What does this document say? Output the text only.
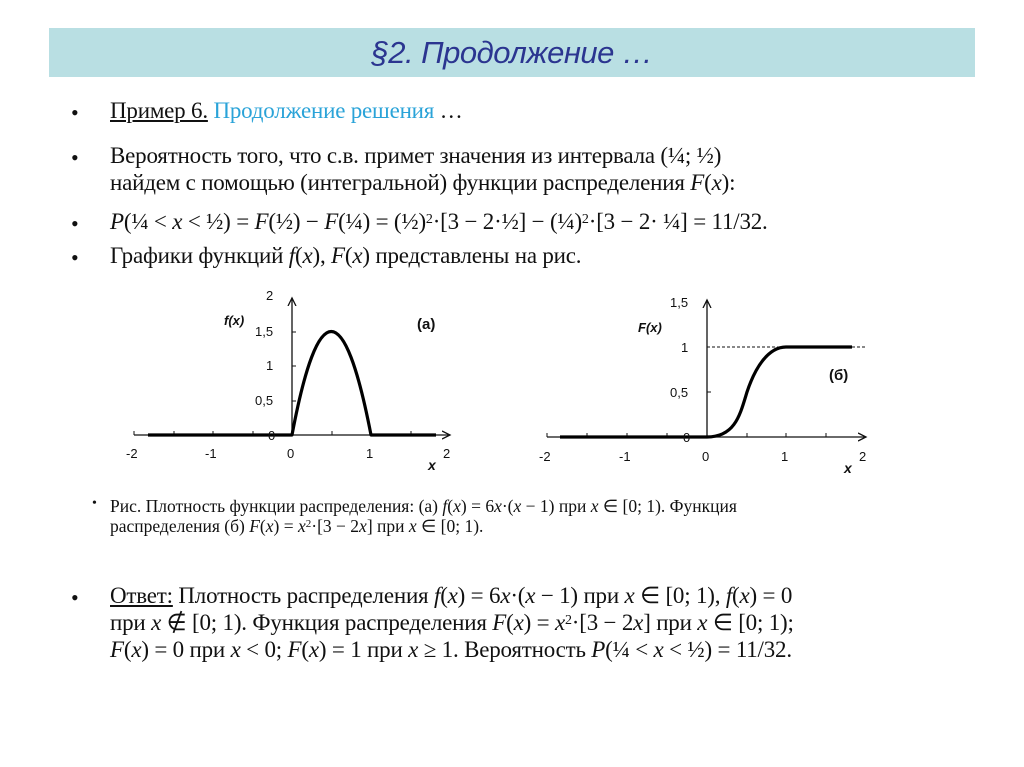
§2. Продолжение …
• Пример 6. Продолжение решения …
• Вероятность того, что с.в. примет значения из интервала (¼; ½)
найдем с помощью (интегральной) функции распределения F(x):
• P(¼ < x < ½) = F(½) − F(¼) = (½)$^2$·[3 − 2·½] − (¼)$^2$·[3 − 2· ¼] = 11/32.
• Графики функций f(x), F(x) представлены на рис.
-2	-1	0	1	2
2
1,5
1
0,5
0
f(x)
x
(а)
-2	-1	0	1	2
1,5
1
0,5
0
F(x)
x
(б)
• Рис. Плотность функции распределения: (а) f(x) = 6x·(x − 1) при x ∈ [0; 1). Функция
распределения (б) $F(x) = x^2\cdot[3 - 2x]$ при x ∈ [0; 1).
• Ответ: Плотность распределения f(x) = 6x·(x − 1) при x ∈ [0; 1), f(x) = 0
при x ∉ [0; 1). Функция распределения $F(x) = x^2\cdot[3 - 2x]$ при x ∈ [0; 1);
F(x) = 0 при x < 0; F(x) = 1 при x ≥ 1. Вероятность P(¼ < x < ½) = 11/32.
